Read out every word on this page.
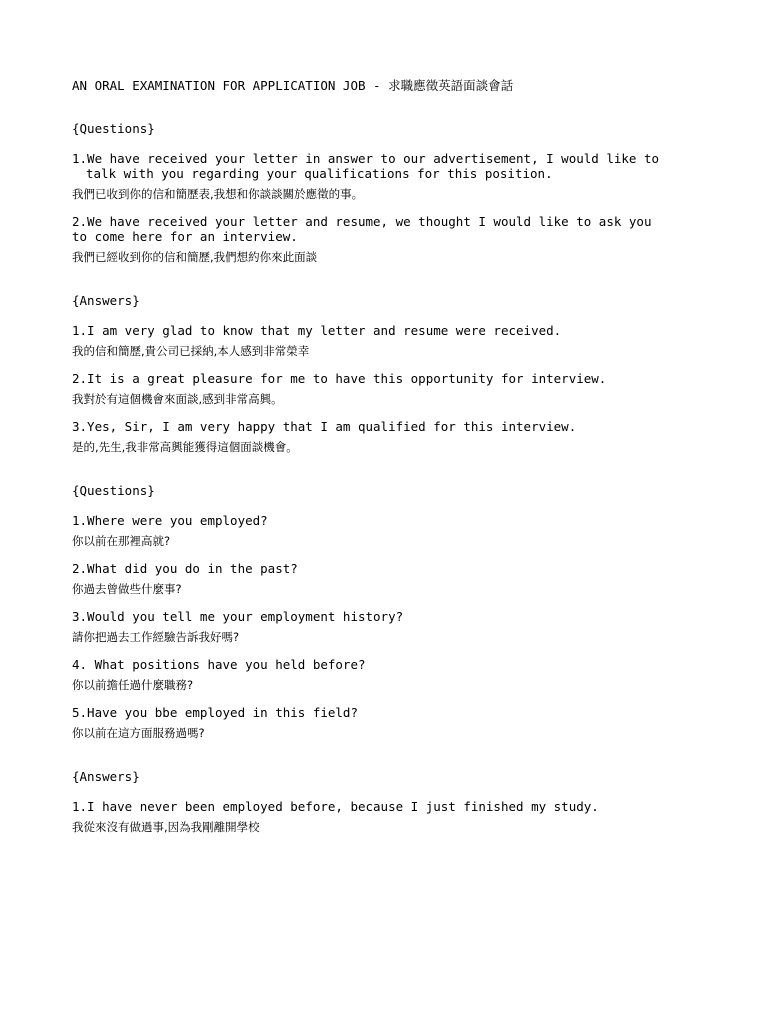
AN ORAL EXAMINATION FOR APPLICATION JOB - 求職應徵英語面談會話

{Questions}

1.We have received your letter in answer to our advertisement, I would like to

talk with you regarding your qualifications for this position.

我們已收到你的信和簡歷表,我想和你談談關於應徵的事。

2.We have received your letter and resume, we thought I would like to ask you

to come here for an interview.

我們已經收到你的信和簡歷,我們想約你來此面談

{Answers}

1.I am very glad to know that my letter and resume were received.

我的信和簡歷,貴公司已採納,本人感到非常榮幸

2.It is a great pleasure for me to have this opportunity for interview.

我對於有這個機會來面談,感到非常高興。

3.Yes, Sir, I am very happy that I am qualified for this interview.

是的,先生,我非常高興能獲得這個面談機會。

{Questions}

1.Where were you employed?

你以前在那裡高就?

2.What did you do in the past?

你過去曾做些什麼事?

3.Would you tell me your employment history?

請你把過去工作經驗告訴我好嗎?

4. What positions have you held before?

你以前擔任過什麼職務?

5.Have you bbe employed in this field?

你以前在這方面服務過嗎?

{Answers}

1.I have never been employed before, because I just finished my study.

我從來沒有做過事,因為我剛離開學校
